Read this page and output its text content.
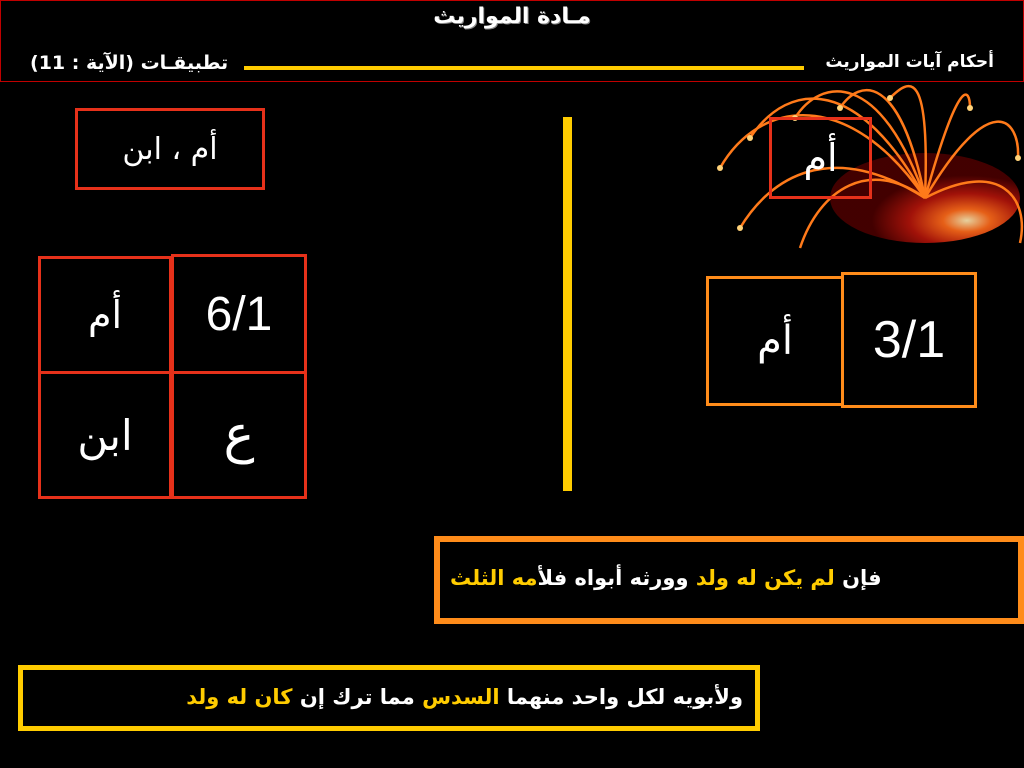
مـادة المواريث
أحكام آيات المواريث
تطبيقـات (الآية : 11)
أم ، ابن
أم 6/1
ابن ع
أم
أم 3/1
فإن لم يكن له ولد وورثه أبواه فلأمه الثلث
ولأبويه لكل واحد منهما السدس مما ترك إن كان له ولد
